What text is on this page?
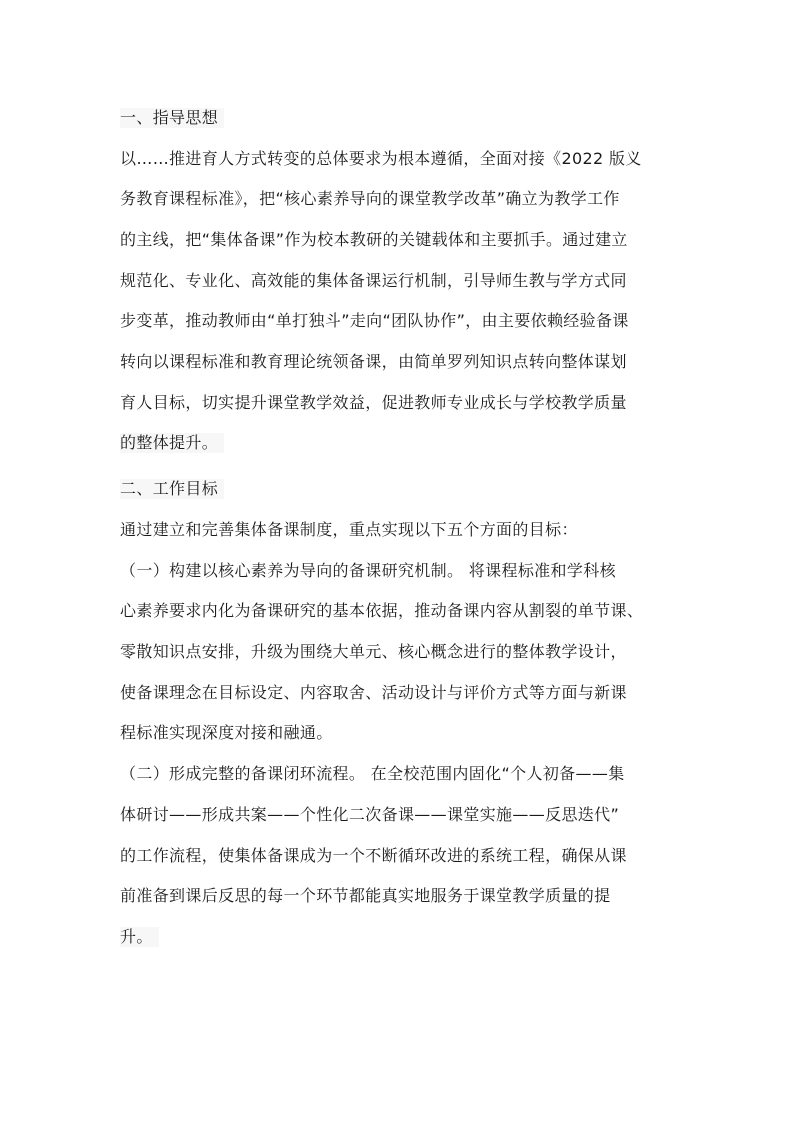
一、指导思想
以……推进育人方式转变的总体要求为根本遵循，全面对接《2022 版义
务教育课程标准》，把“核心素养导向的课堂教学改革”确立为教学工作
的主线，把“集体备课”作为校本教研的关键载体和主要抓手。通过建立
规范化、专业化、高效能的集体备课运行机制，引导师生教与学方式同
步变革，推动教师由“单打独斗”走向“团队协作”，由主要依赖经验备课
转向以课程标准和教育理论统领备课，由简单罗列知识点转向整体谋划
育人目标，切实提升课堂教学效益，促进教师专业成长与学校教学质量
的整体提升。
二、工作目标
通过建立和完善集体备课制度，重点实现以下五个方面的目标：
（一）构建以核心素养为导向的备课研究机制。 将课程标准和学科核
心素养要求内化为备课研究的基本依据，推动备课内容从割裂的单节课、
零散知识点安排，升级为围绕大单元、核心概念进行的整体教学设计，
使备课理念在目标设定、内容取舍、活动设计与评价方式等方面与新课
程标准实现深度对接和融通。
（二）形成完整的备课闭环流程。 在全校范围内固化“个人初备——集
体研讨——形成共案——个性化二次备课——课堂实施——反思迭代”
的工作流程，使集体备课成为一个不断循环改进的系统工程，确保从课
前准备到课后反思的每一个环节都能真实地服务于课堂教学质量的提
升。
